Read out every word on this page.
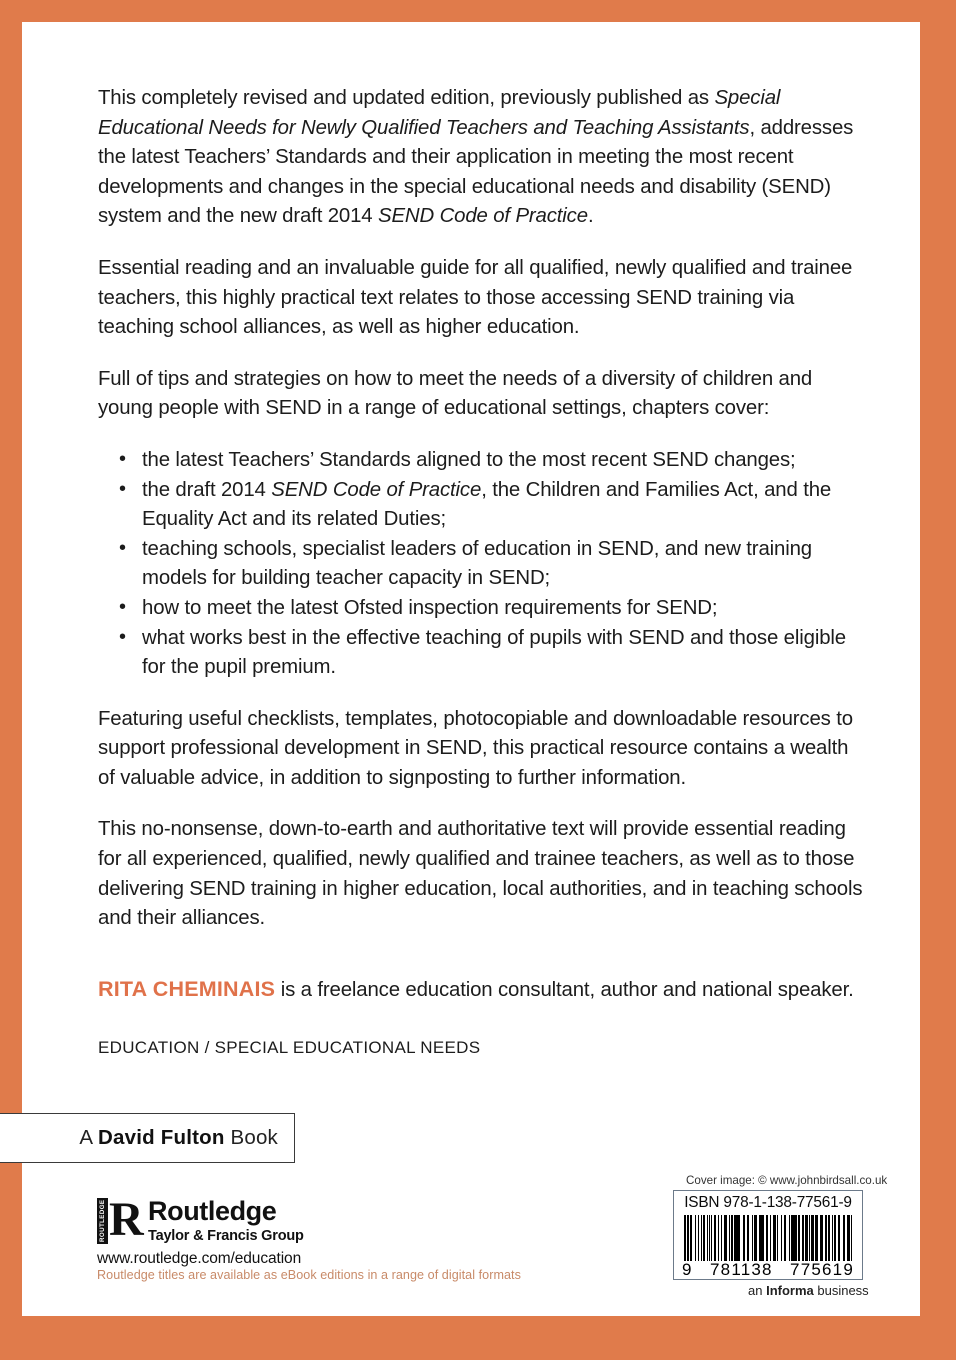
This completely revised and updated edition, previously published as Special Educational Needs for Newly Qualified Teachers and Teaching Assistants, addresses the latest Teachers’ Standards and their application in meeting the most recent developments and changes in the special educational needs and disability (SEND) system and the new draft 2014 SEND Code of Practice.

Essential reading and an invaluable guide for all qualified, newly qualified and trainee teachers, this highly practical text relates to those accessing SEND training via teaching school alliances, as well as higher education.

Full of tips and strategies on how to meet the needs of a diversity of children and young people with SEND in a range of educational settings, chapters cover:

• the latest Teachers’ Standards aligned to the most recent SEND changes;
• the draft 2014 SEND Code of Practice, the Children and Families Act, and the Equality Act and its related Duties;
• teaching schools, specialist leaders of education in SEND, and new training models for building teacher capacity in SEND;
• how to meet the latest Ofsted inspection requirements for SEND;
• what works best in the effective teaching of pupils with SEND and those eligible for the pupil premium.

Featuring useful checklists, templates, photocopiable and downloadable resources to support professional development in SEND, this practical resource contains a wealth of valuable advice, in addition to signposting to further information.

This no-nonsense, down-to-earth and authoritative text will provide essential reading for all experienced, qualified, newly qualified and trainee teachers, as well as to those delivering SEND training in higher education, local authorities, and in teaching schools and their alliances.

RITA CHEMINAIS is a freelance education consultant, author and national speaker.
EDUCATION / SPECIAL EDUCATIONAL NEEDS
A David Fulton Book
ROUTLEDGE R Routledge
Taylor & Francis Group
www.routledge.com/education
Routledge titles are available as eBook editions in a range of digital formats
Cover image: © www.johnbirdsall.co.uk
ISBN 978-1-138-77561-9
9 781138 775619
an Informa business
